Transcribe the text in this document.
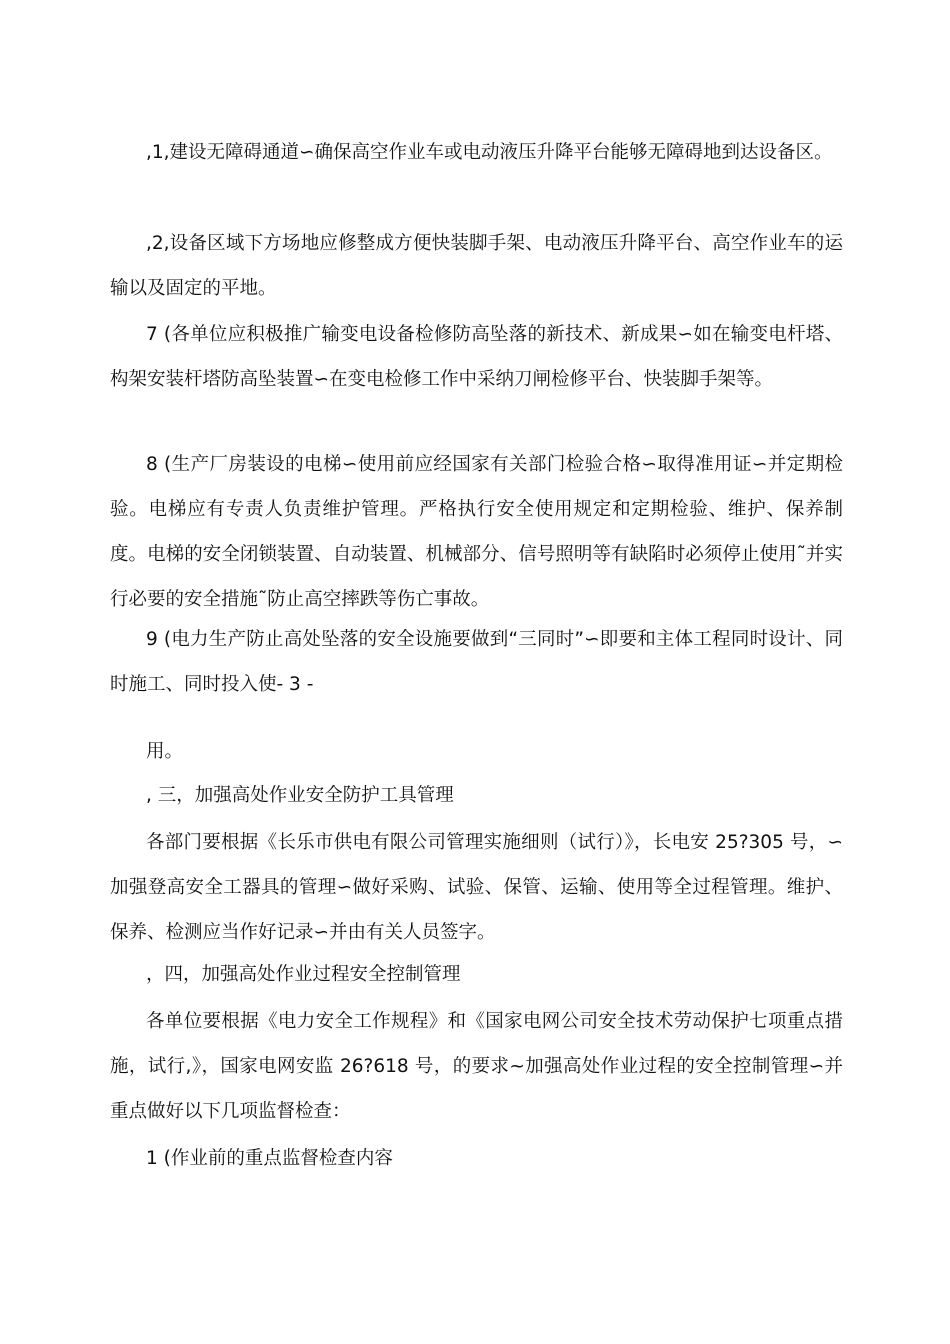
,1,建设无障碍通道∽确保高空作业车或电动液压升降平台能够无障碍地到达设备区。

,2,设备区域下方场地应修整成方便快装脚手架、电动液压升降平台、高空作业车的运输以及固定的平地。

7 (各单位应积极推广输变电设备检修防高坠落的新技术、新成果∽如在输变电杆塔、构架安装杆塔防高坠装置∽在变电检修工作中采纳刀闸检修平台、快装脚手架等。

8 (生产厂房装设的电梯∽使用前应经国家有关部门检验合格∽取得准用证∽并定期检验。电梯应有专责人负责维护管理。严格执行安全使用规定和定期检验、维护、保养制度。电梯的安全闭锁装置、自动装置、机械部分、信号照明等有缺陷时必须停止使用˜并实行必要的安全措施˜防止高空摔跌等伤亡事故。

9 (电力生产防止高处坠落的安全设施要做到“三同时”∽即要和主体工程同时设计、同时施工、同时投入使- 3 -

用。

, 三，加强高处作业安全防护工具管理

各部门要根据《长乐市供电有限公司管理实施细则（试行）》，长电安 25?305 号，∽加强登高安全工器具的管理∽做好采购、试验、保管、运输、使用等全过程管理。维护、保养、检测应当作好记录∽并由有关人员签字。

，四，加强高处作业过程安全控制管理

各单位要根据《电力安全工作规程》和《国家电网公司安全技术劳动保护七项重点措施，试行,》，国家电网安监 26?618 号，的要求~加强高处作业过程的安全控制管理∽并重点做好以下几项监督检查：

1 (作业前的重点监督检查内容
